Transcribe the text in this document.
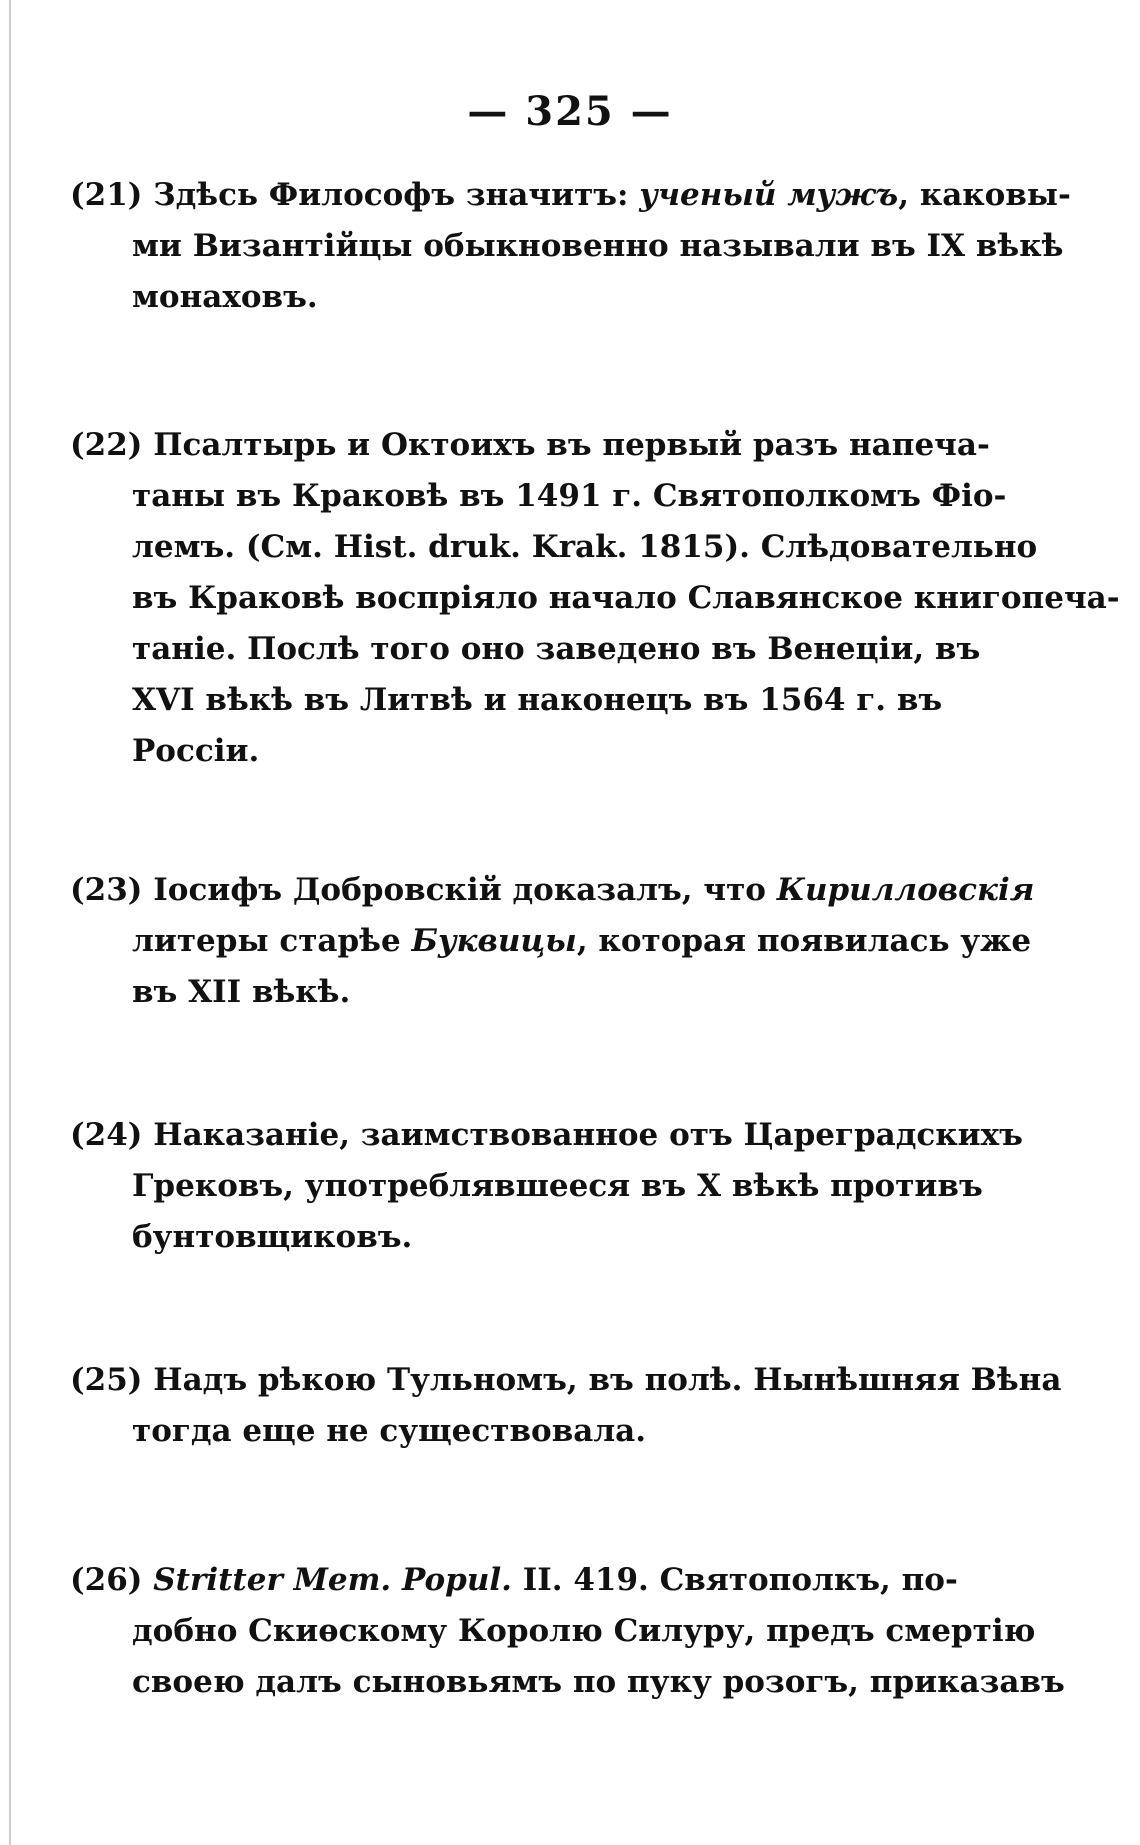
— 325 —
(21) Здѣсь Философъ значитъ: ученый мужъ, каковы-
ми Византійцы обыкновенно называли въ IX вѣкѣ
монаховъ.
(22) Псалтырь и Октоихъ въ первый разъ напеча-
таны въ Краковѣ въ 1491 г. Святополкомъ Фіо-
лемъ. (См. Hist. druk. Krak. 1815). Слѣдовательно
въ Краковѣ воспріяло начало Славянское книгопеча-
таніе. Послѣ того оно заведено въ Венеціи, въ
XVI вѣкѣ въ Литвѣ и наконецъ въ 1564 г. въ
Россіи.
(23) Іосифъ Добровскій доказалъ, что Кирилловскія
литеры старѣе Буквицы, которая появилась уже
въ XII вѣкѣ.
(24) Наказаніе, заимствованное отъ Цареградскихъ
Грековъ, употреблявшееся въ X вѣкѣ противъ
бунтовщиковъ.
(25) Надъ рѣкою Тульномъ, въ полѣ. Нынѣшняя Вѣна
тогда еще не существовала.
(26) Stritter Mem. Popul. II. 419. Святополкъ, по-
добно Скиѳскому Королю Силуру, предъ смертію
своею далъ сыновьямъ по пуку розогъ, приказавъ
